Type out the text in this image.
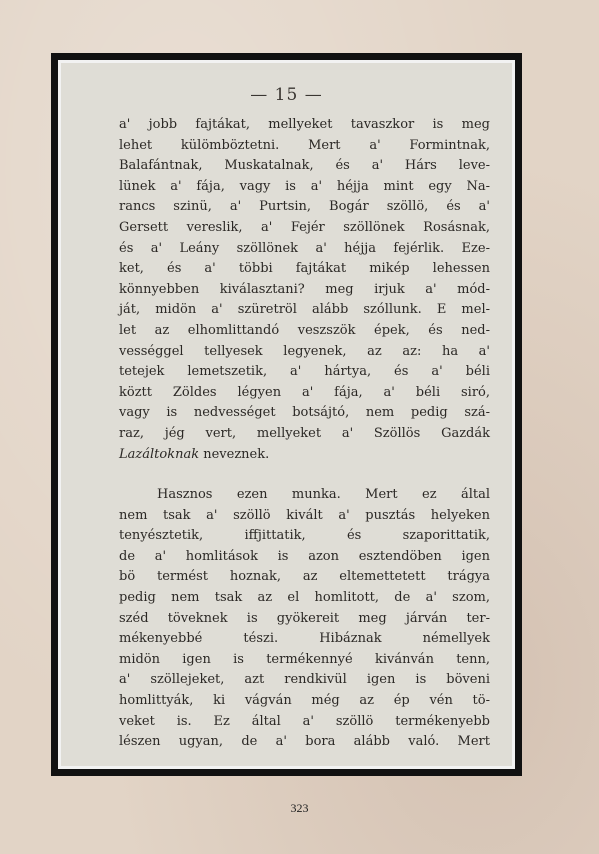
— 15 —
a' jobb fajtákat, mellyeket tavaszkor is meg
lehet külömböztetni. Mert a' Formintnak,
Balafántnak, Muskatalnak, és a' Hárs leve-
lünek a' fája, vagy is a' héjja mint egy Na-
rancs szinü, a' Purtsin, Bogár szöllö, és a'
Gersett vereslik, a' Fejér szöllönek Rosásnak,
és a' Leány szöllönek a' héjja fejérlik. Eze-
ket, és a' többi fajtákat mikép lehessen
könnyebben kiválasztani? meg irjuk a' mód-
ját, midön a' szüretröl alább szóllunk. E mel-
let az elhomlittandó veszszök épek, és ned-
vességgel tellyesek legyenek, az az: ha a'
tetejek lemetszetik, a' hártya, és a' béli
köztt Zöldes légyen a' fája, a' béli siró,
vagy is nedvességet botsájtó, nem pedig szá-
raz, jég vert, mellyeket a' Szöllös Gazdák
Lazáltoknak neveznek.
Hasznos ezen munka. Mert ez által
nem tsak a' szöllö kivált a' pusztás helyeken
tenyésztetik, iffjittatik, és szaporittatik,
de a' homlitások is azon esztendöben igen
bö termést hoznak, az eltemettetett trágya
pedig nem tsak az el homlitott, de a' szom,
széd töveknek is gyökereit meg járván ter-
mékenyebbé tészi. Hibáznak némellyek
midön igen is termékennyé kivánván tenn,
a' szöllejeket, azt rendkivül igen is böveni
homlittyák, ki vágván még az ép vén tö-
veket is. Ez által a' szöllö termékenyebb
lészen ugyan, de a' bora alább való. Mert
323
